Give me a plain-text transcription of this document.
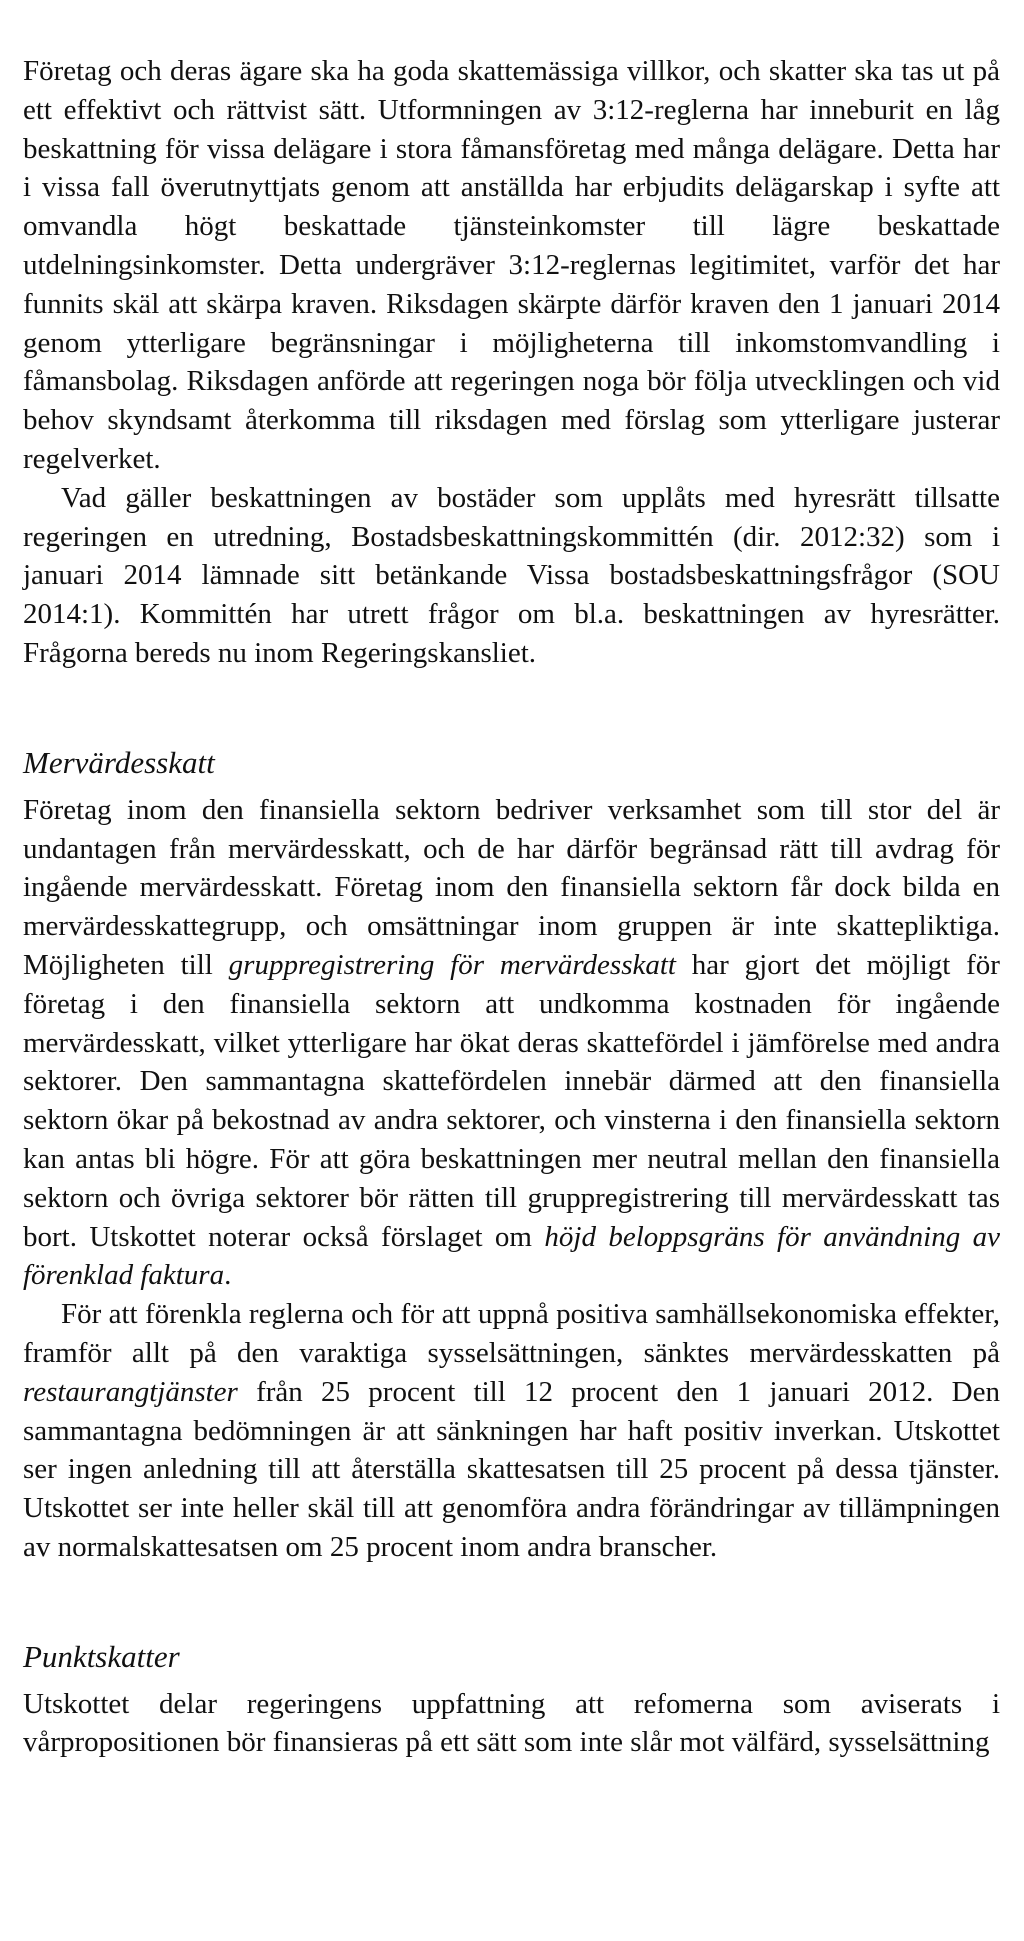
Företag och deras ägare ska ha goda skattemässiga villkor, och skatter ska tas ut på ett effektivt och rättvist sätt. Utformningen av 3:12-reglerna har inneburit en låg beskattning för vissa delägare i stora fåmansföretag med många delägare. Detta har i vissa fall överutnyttjats genom att anställda har erbjudits delägarskap i syfte att omvandla högt beskattade tjänsteinkomster till lägre beskattade utdelningsinkomster. Detta undergräver 3:12-reglernas legitimitet, varför det har funnits skäl att skärpa kraven. Riksdagen skärpte därför kraven den 1 januari 2014 genom ytterligare begränsningar i möjligheterna till inkomstomvandling i fåmansbolag. Riksdagen anförde att regeringen noga bör följa utvecklingen och vid behov skyndsamt återkomma till riksdagen med förslag som ytterligare justerar regelverket.

Vad gäller beskattningen av bostäder som upplåts med hyresrätt tillsatte regeringen en utredning, Bostadsbeskattningskommittén (dir. 2012:32) som i januari 2014 lämnade sitt betänkande Vissa bostadsbeskattningsfrågor (SOU 2014:1). Kommittén har utrett frågor om bl.a. beskattningen av hyresrätter. Frågorna bereds nu inom Regeringskansliet.

Mervärdesskatt

Företag inom den finansiella sektorn bedriver verksamhet som till stor del är undantagen från mervärdesskatt, och de har därför begränsad rätt till avdrag för ingående mervärdesskatt. Företag inom den finansiella sektorn får dock bilda en mervärdesskattegrupp, och omsättningar inom gruppen är inte skattepliktiga. Möjligheten till gruppregistrering för mervärdesskatt har gjort det möjligt för företag i den finansiella sektorn att undkomma kostnaden för ingående mervärdesskatt, vilket ytterligare har ökat deras skattefördel i jämförelse med andra sektorer. Den sammantagna skattefördelen innebär därmed att den finansiella sektorn ökar på bekostnad av andra sektorer, och vinsterna i den finansiella sektorn kan antas bli högre. För att göra beskattningen mer neutral mellan den finansiella sektorn och övriga sektorer bör rätten till gruppregistrering till mervärdesskatt tas bort. Utskottet noterar också förslaget om höjd beloppsgräns för användning av förenklad faktura.

För att förenkla reglerna och för att uppnå positiva samhällsekonomiska effekter, framför allt på den varaktiga sysselsättningen, sänktes mervärdesskatten på restaurangtjänster från 25 procent till 12 procent den 1 januari 2012. Den sammantagna bedömningen är att sänkningen har haft positiv inverkan. Utskottet ser ingen anledning till att återställa skattesatsen till 25 procent på dessa tjänster. Utskottet ser inte heller skäl till att genomföra andra förändringar av tillämpningen av normalskattesatsen om 25 procent inom andra branscher.

Punktskatter

Utskottet delar regeringens uppfattning att refomerna som aviserats i vårpropositionen bör finansieras på ett sätt som inte slår mot välfärd, sysselsättning
